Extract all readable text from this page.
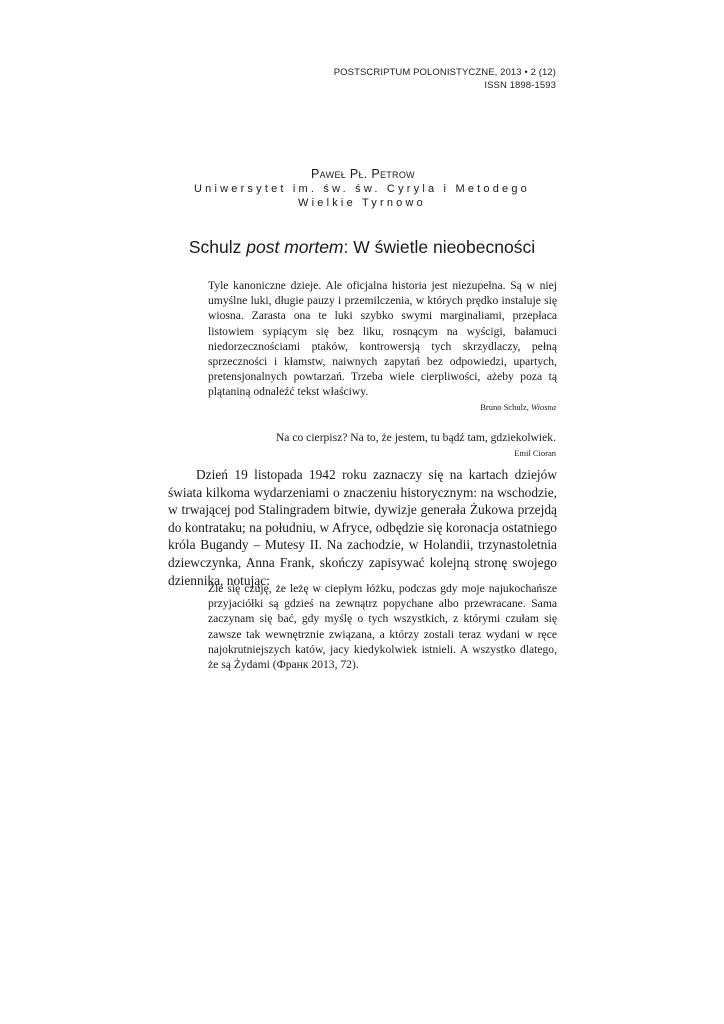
POSTSCRIPTUM POLONISTYCZNE, 2013 • 2 (12)
ISSN 1898-1593
Paweł Pł. Petrow
Uniwersytet im. św. św. Cyryla i Metodego
Wielkie Tyrnowo
Schulz post mortem: W świetle nieobecności
Tyle kanoniczne dzieje. Ale oficjalna historia jest niezupełna. Są w niej umyślne luki, długie pauzy i przemilczenia, w których prędko instaluje się wiosna. Zarasta ona te luki szybko swymi marginaliami, przepłaca listowiem sypiącym się bez liku, rosnącym na wyścigi, bałamuci niedorzecznościami ptaków, kontrowersją tych skrzydlaczy, pełną sprzeczności i kłamstw, naiwnych zapytań bez odpowiedzi, upartych, pretensjonalnych powtarzań. Trzeba wiele cierpliwości, ażeby poza tą plątaniną odnaleźć tekst właściwy.
Bruno Schulz, Wiosna
Na co cierpisz? Na to, że jestem, tu bądź tam, gdziekolwiek.
Emil Cioran
Dzień 19 listopada 1942 roku zaznaczy się na kartach dziejów świata kilkoma wydarzeniami o znaczeniu historycznym: na wschodzie, w trwającej pod Stalingradem bitwie, dywizje generała Żukowa przejdą do kontrataku; na południu, w Afryce, odbędzie się koronacja ostatniego króla Bugandy – Mutesy II. Na zachodzie, w Holandii, trzynastoletnia dziewczynka, Anna Frank, skończy zapisywać kolejną stronę swojego dziennika, notując:
Źle się czuję, że leżę w ciepłym łóżku, podczas gdy moje najukochańsze przyjaciółki są gdzieś na zewnątrz popychane albo przewracane. Sama zaczynam się bać, gdy myślę o tych wszystkich, z którymi czułam się zawsze tak wewnętrznie związana, a którzy zostali teraz wydani w ręce najokrutniejszych katów, jacy kiedykolwiek istnieli. A wszystko dlatego, że są Żydami (Франк 2013, 72).
